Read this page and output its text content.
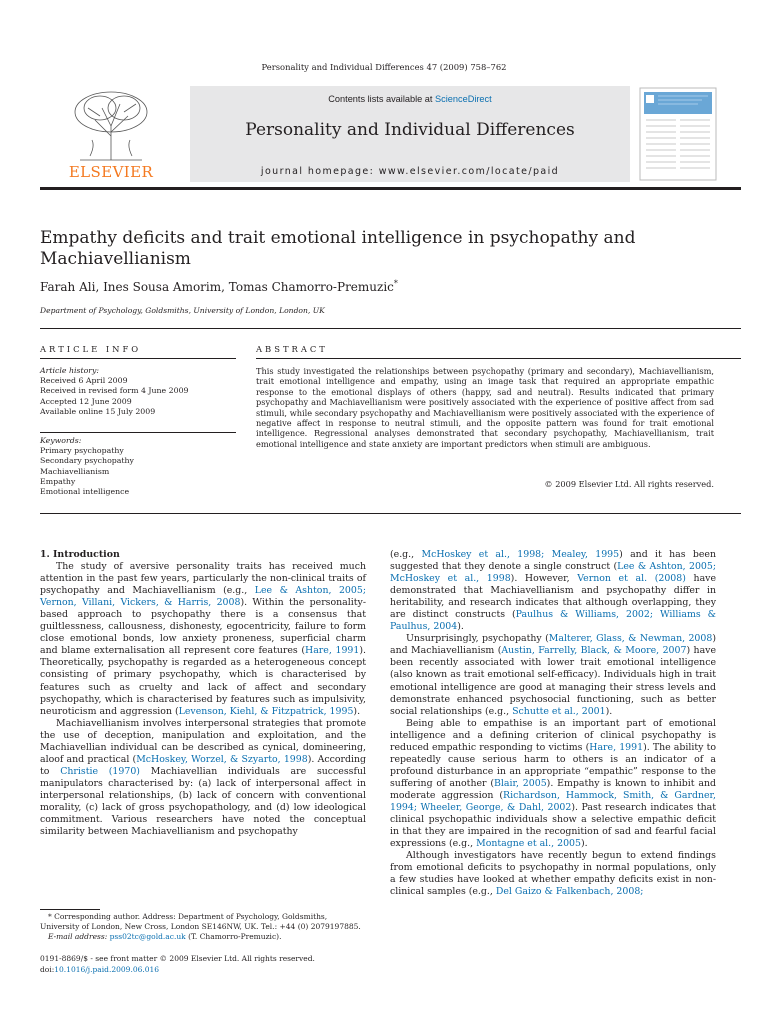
Personality and Individual Differences 47 (2009) 758–762
ELSEVIER
Contents lists available at ScienceDirect
Personality and Individual Differences
journal homepage: www.elsevier.com/locate/paid
Empathy deficits and trait emotional intelligence in psychopathy and Machiavellianism
Farah Ali, Ines Sousa Amorim, Tomas Chamorro-Premuzic*
Department of Psychology, Goldsmiths, University of London, London, UK
ARTICLE INFO	ABSTRACT
Article history:
Received 6 April 2009
Received in revised form 4 June 2009
Accepted 12 June 2009
Available online 15 July 2009
Keywords:
Primary psychopathy
Secondary psychopathy
Machiavellianism
Empathy
Emotional intelligence
This study investigated the relationships between psychopathy (primary and secondary), Machiavellianism, trait emotional intelligence and empathy, using an image task that required an appropriate empathic response to the emotional displays of others (happy, sad and neutral). Results indicated that primary psychopathy and Machiavellianism were positively associated with the experience of positive affect from sad stimuli, while secondary psychopathy and Machiavellianism were positively associated with the experience of negative affect in response to neutral stimuli, and the opposite pattern was found for trait emotional intelligence. Regressional analyses demonstrated that secondary psychopathy, Machiavellianism, trait emotional intelligence and state anxiety are important predictors when stimuli are ambiguous.
© 2009 Elsevier Ltd. All rights reserved.

1. Introduction

The study of aversive personality traits has received much attention in the past few years, particularly the non-clinical traits of psychopathy and Machiavellianism (e.g., Lee & Ashton, 2005; Vernon, Villani, Vickers, & Harris, 2008). Within the personality-based approach to psychopathy there is a consensus that guiltlessness, callousness, dishonesty, egocentricity, failure to form close emotional bonds, low anxiety proneness, superficial charm and blame externalisation all represent core features (Hare, 1991). Theoretically, psychopathy is regarded as a heterogeneous concept consisting of primary psychopathy, which is characterised by features such as cruelty and lack of affect and secondary psychopathy, which is characterised by features such as impulsivity, neuroticism and aggression (Levenson, Kiehl, & Fitzpatrick, 1995).

Machiavellianism involves interpersonal strategies that promote the use of deception, manipulation and exploitation, and the Machiavellian individual can be described as cynical, domineering, aloof and practical (McHoskey, Worzel, & Szyarto, 1998). According to Christie (1970) Machiavellian individuals are successful manipulators characterised by: (a) lack of interpersonal affect in interpersonal relationships, (b) lack of concern with conventional morality, (c) lack of gross psychopathology, and (d) low ideological commitment. Various researchers have noted the conceptual similarity between Machiavellianism and psychopathy

(e.g., McHoskey et al., 1998; Mealey, 1995) and it has been suggested that they denote a single construct (Lee & Ashton, 2005; McHoskey et al., 1998). However, Vernon et al. (2008) have demonstrated that Machiavellianism and psychopathy differ in heritability, and research indicates that although overlapping, they are distinct constructs (Paulhus & Williams, 2002; Williams & Paulhus, 2004).

Unsurprisingly, psychopathy (Malterer, Glass, & Newman, 2008) and Machiavellianism (Austin, Farrelly, Black, & Moore, 2007) have been recently associated with lower trait emotional intelligence (also known as trait emotional self-efficacy). Individuals high in trait emotional intelligence are good at managing their stress levels and demonstrate enhanced psychosocial functioning, such as better social relationships (e.g., Schutte et al., 2001).

Being able to empathise is an important part of emotional intelligence and a defining criterion of clinical psychopathy is reduced empathic responding to victims (Hare, 1991). The ability to repeatedly cause serious harm to others is an indicator of a profound disturbance in an appropriate “empathic” response to the suffering of another (Blair, 2005). Empathy is known to inhibit and moderate aggression (Richardson, Hammock, Smith, & Gardner, 1994; Wheeler, George, & Dahl, 2002). Past research indicates that clinical psychopathic individuals show a selective empathic deficit in that they are impaired in the recognition of sad and fearful facial expressions (e.g., Montagne et al., 2005).

Although investigators have recently begun to extend findings from emotional deficits to psychopathy in normal populations, only a few studies have looked at whether empathy deficits exist in non-clinical samples (e.g., Del Gaizo & Falkenbach, 2008;

* Corresponding author. Address: Department of Psychology, Goldsmiths, University of London, New Cross, London SE146NW, UK. Tel.: +44 (0) 2079197885.

E-mail address: pss02tc@gold.ac.uk (T. Chamorro-Premuzic).

0191-8869/$ - see front matter © 2009 Elsevier Ltd. All rights reserved.
doi:10.1016/j.paid.2009.06.016
